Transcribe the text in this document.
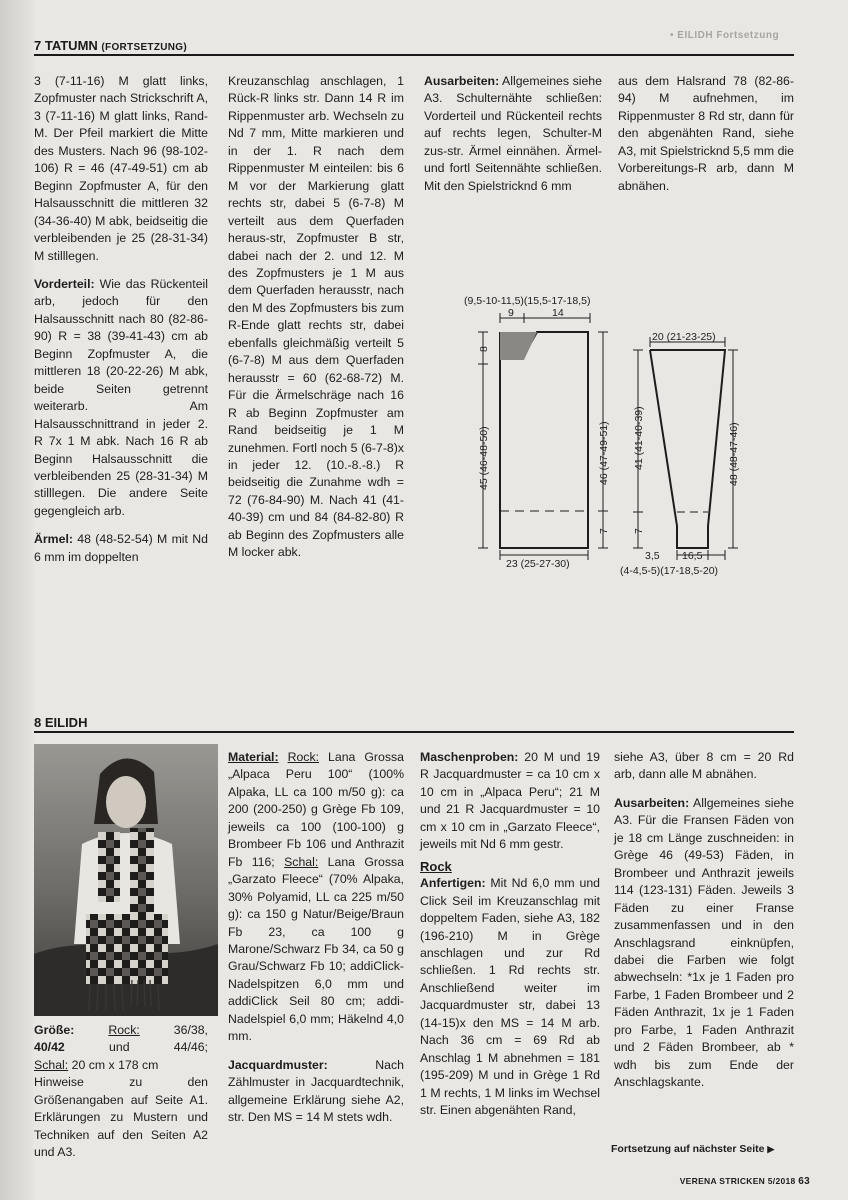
• EILIDH Fortsetzung
7 TATUMN (FORTSETZUNG)

3 (7-11-16) M glatt links, Zopfmuster nach Strickschrift A, 3 (7-11-16) M glatt links, Rand-M. Der Pfeil markiert die Mitte des Musters. Nach 96 (98-102-106) R = 46 (47-49-51) cm ab Beginn Zopfmuster A, für den Halsausschnitt die mittleren 32 (34-36-40) M abk, beidseitig die verbleibenden je 25 (28-31-34) M stilllegen.

Vorderteil: Wie das Rückenteil arb, jedoch für den Halsausschnitt nach 80 (82-86-90) R = 38 (39-41-43) cm ab Beginn Zopfmuster A, die mittleren 18 (20-22-26) M abk, beide Seiten getrennt weiterarb. Am Halsausschnittrand in jeder 2. R 7x 1 M abk. Nach 16 R ab Beginn Halsausschnitt die verbleibenden 25 (28-31-34) M stilllegen. Die andere Seite gegengleich arb.

Ärmel: 48 (48-52-54) M mit Nd 6 mm im doppelten

Kreuzanschlag anschlagen, 1 Rück-R links str. Dann 14 R im Rippenmuster arb. Wechseln zu Nd 7 mm, Mitte markieren und in der 1. R nach dem Rippenmuster M einteilen: bis 6 M vor der Markierung glatt rechts str, dabei 5 (6-7-8) M verteilt aus dem Querfaden heraus-str, Zopfmuster B str, dabei nach der 2. und 12. M des Zopfmusters je 1 M aus dem Querfaden herausstr, nach den M des Zopfmusters bis zum R-Ende glatt rechts str, dabei ebenfalls gleichmäßig verteilt 5 (6-7-8) M aus dem Querfaden herausstr = 60 (62-68-72) M. Für die Ärmelschräge nach 16 R ab Beginn Zopfmuster am Rand beidseitig je 1 M zunehmen. Fortl noch 5 (6-7-8)x in jeder 12. (10.-8.-8.) R beidseitig die Zunahme wdh = 72 (76-84-90) M. Nach 41 (41-40-39) cm und 84 (84-82-80) R ab Beginn des Zopfmusters alle M locker abk.

Ausarbeiten: Allgemeines siehe A3. Schulternähte schließen: Vorderteil und Rückenteil rechts auf rechts legen, Schulter-M zus-str. Ärmel einnähen. Ärmel- und fortl Seitennähte schließen. Mit den Spielstricknd 6 mm

aus dem Halsrand 78 (82-86-94) M aufnehmen, im Rippenmuster 8 Rd str, dann für den abgenähten Rand, siehe A3, mit Spielstricknd 5,5 mm die Vorbereitungs-R arb, dann M abnähen.

(9,5-10-11,5)(15,5-17-18,5)
9	14
8
45 (46-48-50)	46 (47-49-51)
7
23 (25-27-30)
20 (21-23-25)
41 (41-40-39)	48 (48-47-46)
7
3,5 16,5
(4-4,5-5)(17-18,5-20)
8 EILIDH
Größe:	Rock:	36/38,
40/42	und	44/46;
Schal: 20 cm x 178 cm
Hinweise zu den Größenangaben auf Seite A1. Erklärungen zu Mustern und Techniken auf den Seiten A2 und A3.

Material: Rock: Lana Grossa „Alpaca Peru 100“ (100% Alpaka, LL ca 100 m/50 g): ca 200 (200-250) g Grège Fb 109, jeweils ca 100 (100-100) g Brombeer Fb 106 und Anthrazit Fb 116; Schal: Lana Grossa „Garzato Fleece“ (70% Alpaka, 30% Polyamid, LL ca 225 m/50 g): ca 150 g Natur/Beige/Braun Fb 23, ca 100 g Marone/Schwarz Fb 34, ca 50 g Grau/Schwarz Fb 10; addiClick-Nadelspitzen 6,0 mm und addiClick Seil 80 cm; addi-Nadelspiel 6,0 mm; Häkelnd 4,0 mm.

Jacquardmuster: Nach Zählmuster in Jacquardtechnik, allgemeine Erklärung siehe A2, str. Den MS = 14 M stets wdh.

Maschenproben: 20 M und 19 R Jacquardmuster = ca 10 cm x 10 cm in „Alpaca Peru“; 21 M und 21 R Jacquardmuster = 10 cm x 10 cm in „Garzato Fleece“, jeweils mit Nd 6 mm gestr.

Rock

Anfertigen: Mit Nd 6,0 mm und Click Seil im Kreuzanschlag mit doppeltem Faden, siehe A3, 182 (196-210) M in Grège anschlagen und zur Rd schließen. 1 Rd rechts str. Anschließend weiter im Jacquardmuster str, dabei 13 (14-15)x den MS = 14 M arb. Nach 36 cm = 69 Rd ab Anschlag 1 M abnehmen = 181 (195-209) M und in Grège 1 Rd 1 M rechts, 1 M links im Wechsel str. Einen abgenähten Rand,

siehe A3, über 8 cm = 20 Rd arb, dann alle M abnähen.

Ausarbeiten: Allgemeines siehe A3. Für die Fransen Fäden von je 18 cm Länge zuschneiden: in Grège 46 (49-53) Fäden, in Brombeer und Anthrazit jeweils 114 (123-131) Fäden. Jeweils 3 Fäden zu einer Franse zusammenfassen und in den Anschlagsrand einknüpfen, dabei die Farben wie folgt abwechseln: *1x je 1 Faden pro Farbe, 1 Faden Brombeer und 2 Fäden Anthrazit, 1x je 1 Faden pro Farbe, 1 Faden Anthrazit und 2 Fäden Brombeer, ab * wdh bis zum Ende der Anschlagskante.

Fortsetzung auf nächster Seite ▶
VERENA STRICKEN 5/2018 63
